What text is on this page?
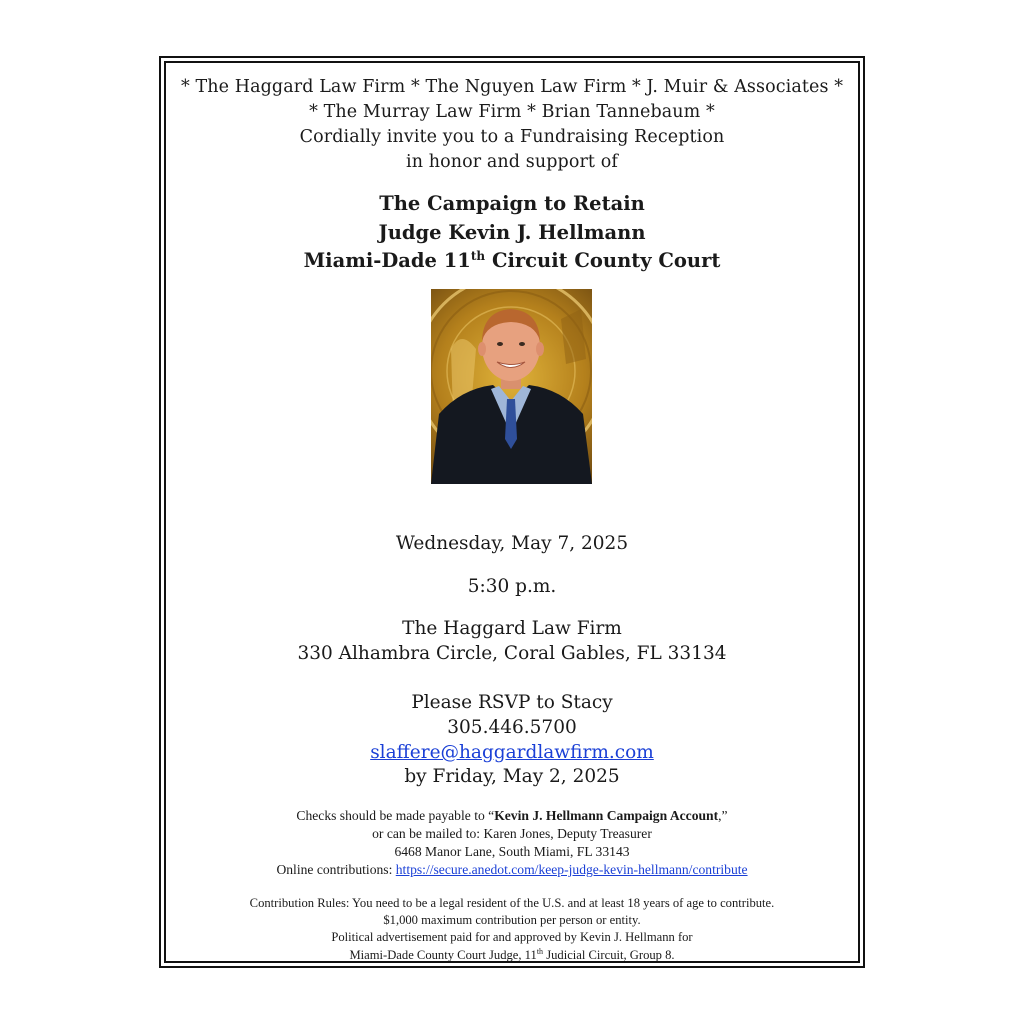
* The Haggard Law Firm * The Nguyen Law Firm * J. Muir & Associates *
* The Murray Law Firm * Brian Tannebaum *
Cordially invite you to a Fundraising Reception
in honor and support of
The Campaign to Retain
Judge Kevin J. Hellmann
Miami-Dade 11th Circuit County Court
Wednesday, May 7, 2025
5:30 p.m.
The Haggard Law Firm
330 Alhambra Circle, Coral Gables, FL 33134
Please RSVP to Stacy
305.446.5700
slaffere@haggardlawfirm.com
by Friday, May 2, 2025
Checks should be made payable to “Kevin J. Hellmann Campaign Account,”
or can be mailed to: Karen Jones, Deputy Treasurer
6468 Manor Lane, South Miami, FL 33143
Online contributions: https://secure.anedot.com/keep-judge-kevin-hellmann/contribute
Contribution Rules: You need to be a legal resident of the U.S. and at least 18 years of age to contribute.
$1,000 maximum contribution per person or entity.
Political advertisement paid for and approved by Kevin J. Hellmann for
Miami-Dade County Court Judge, 11th Judicial Circuit, Group 8.
